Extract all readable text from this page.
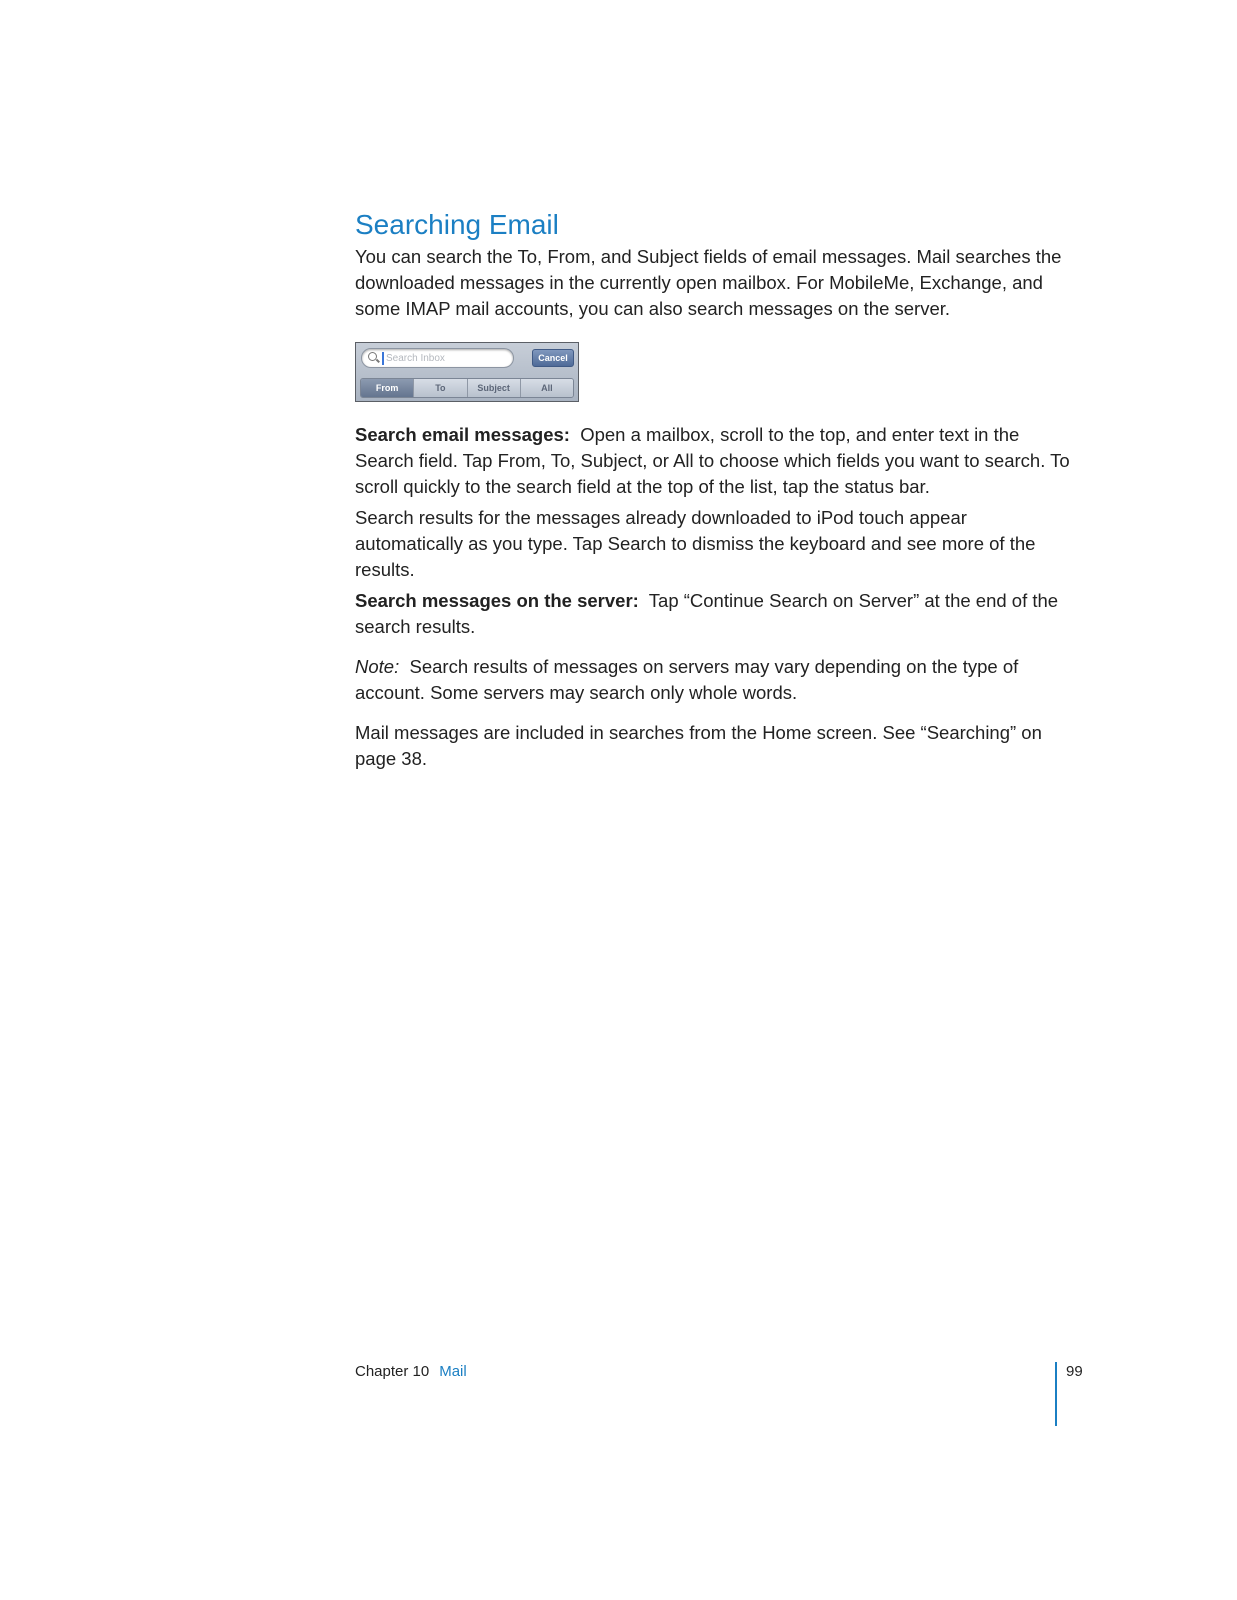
Searching Email

You can search the To, From, and Subject fields of email messages. Mail searches the downloaded messages in the currently open mailbox. For MobileMe, Exchange, and some IMAP mail accounts, you can also search messages on the server.

Search Inbox	Cancel
From	To	Subject	All

Search email messages: Open a mailbox, scroll to the top, and enter text in the Search field. Tap From, To, Subject, or All to choose which fields you want to search. To scroll quickly to the search field at the top of the list, tap the status bar.

Search results for the messages already downloaded to iPod touch appear automatically as you type. Tap Search to dismiss the keyboard and see more of the results.

Search messages on the server: Tap “Continue Search on Server” at the end of the search results.

Note: Search results of messages on servers may vary depending on the type of account. Some servers may search only whole words.

Mail messages are included in searches from the Home screen. See “Searching” on page 38.

Chapter 10 Mail	99
